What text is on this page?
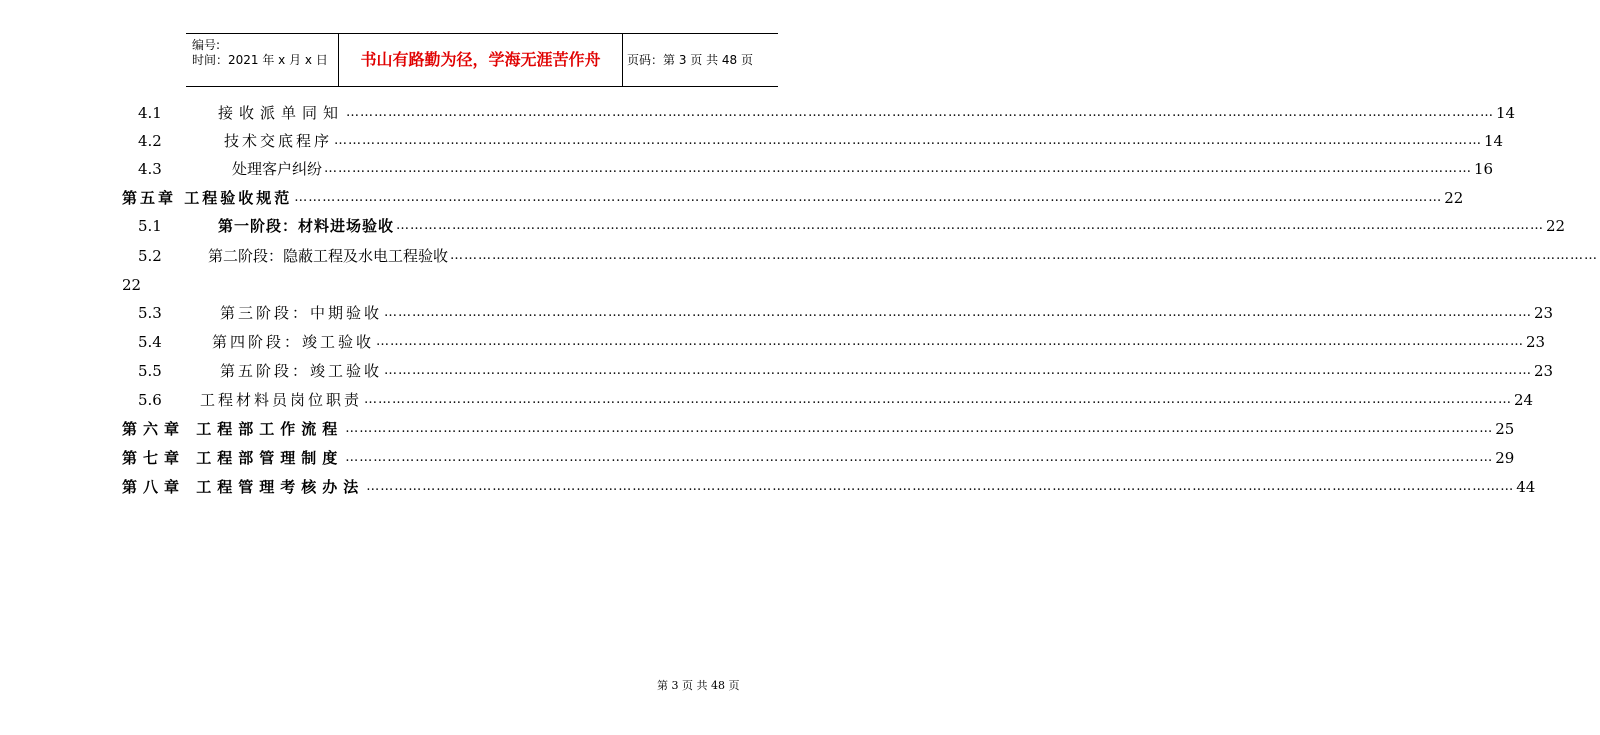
编号:
时间：2021 年 x 月 x 日	书山有路勤为径，学海无涯苦作舟	页码：第 3 页 共 48 页
4.1	接收派单同知 ………………………………………………………………………………………………………………………………………………………………………………………………………………………… 14
4.2	技术交底程序 ………………………………………………………………………………………………………………………………………………………………………………………………………………………… 14
4.3	处理客户纠纷 ………………………………………………………………………………………………………………………………………………………………………………………………………………………… 16
第五章 工程验收规范 ………………………………………………………………………………………………………………………………………………………………………………………………………………………… 22
5.1	第一阶段：材料进场验收 ………………………………………………………………………………………………………………………………………………………………………………………………………………………… 22
5.2	第二阶段：隐蔽工程及水电工程验收 …………………………………………………………………………………………………………………………………………………………………………………………………………………………
22
5.3	第三阶段：中期验收 ………………………………………………………………………………………………………………………………………………………………………………………………………………………… 23
5.4	第四阶段：竣工验收 ………………………………………………………………………………………………………………………………………………………………………………………………………………………… 23
5.5	第五阶段：竣工验收 ………………………………………………………………………………………………………………………………………………………………………………………………………………………… 23
5.6	工程材料员岗位职责 ………………………………………………………………………………………………………………………………………………………………………………………………………………………… 24
第六章 工程部工作流程 ………………………………………………………………………………………………………………………………………………………………………………………………………………………… 25
第七章 工程部管理制度 ………………………………………………………………………………………………………………………………………………………………………………………………………………………… 29
第八章 工程管理考核办法 ………………………………………………………………………………………………………………………………………………………………………………………………………………………… 44
第 3 页 共 48 页
